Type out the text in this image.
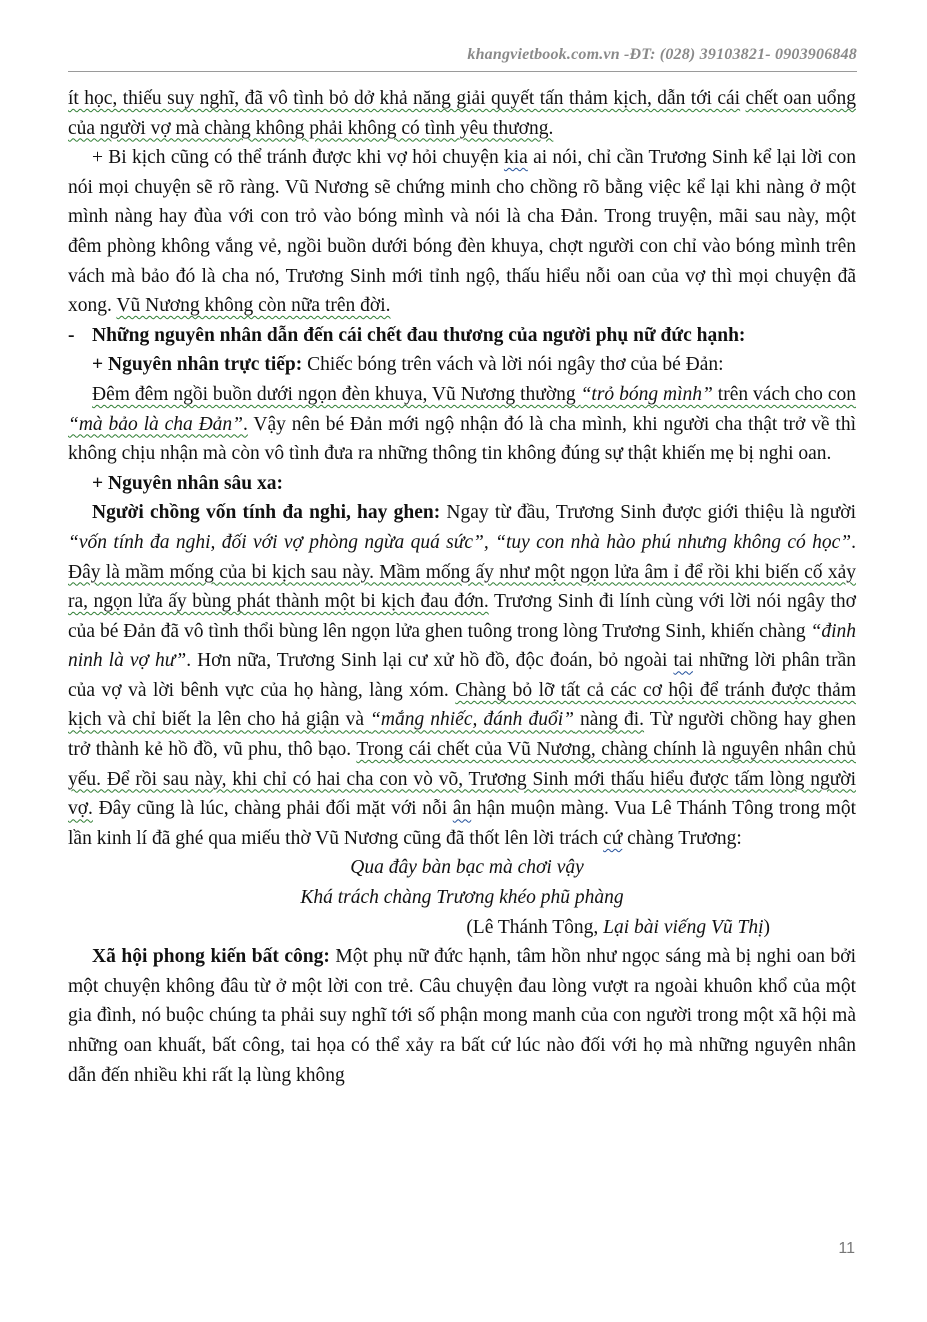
khangvietbook.com.vn -ĐT: (028) 39103821- 0903906848

ít học, thiếu suy nghĩ, đã vô tình bỏ dở khả năng giải quyết tấn thảm kịch, dẫn tới cái chết oan uổng của người vợ mà chàng không phải không có tình yêu thương.

+ Bi kịch cũng có thể tránh được khi vợ hỏi chuyện kia ai nói, chỉ cần Trương Sinh kể lại lời con nói mọi chuyện sẽ rõ ràng. Vũ Nương sẽ chứng minh cho chồng rõ bằng việc kể lại khi nàng ở một mình nàng hay đùa với con trỏ vào bóng mình và nói là cha Đản. Trong truyện, mãi sau này, một đêm phòng không vắng vẻ, ngồi buồn dưới bóng đèn khuya, chợt người con chỉ vào bóng mình trên vách mà bảo đó là cha nó, Trương Sinh mới tỉnh ngộ, thấu hiểu nỗi oan của vợ thì mọi chuyện đã xong. Vũ Nương không còn nữa trên đời.

- Những nguyên nhân dẫn đến cái chết đau thương của người phụ nữ đức hạnh:

+ Nguyên nhân trực tiếp: Chiếc bóng trên vách và lời nói ngây thơ của bé Đản:

Đêm đêm ngồi buồn dưới ngọn đèn khuya, Vũ Nương thường “trỏ bóng mình” trên vách cho con “mà bảo là cha Đản”. Vậy nên bé Đản mới ngộ nhận đó là cha mình, khi người cha thật trở về thì không chịu nhận mà còn vô tình đưa ra những thông tin không đúng sự thật khiến mẹ bị nghi oan.

+ Nguyên nhân sâu xa:

Người chồng vốn tính đa nghi, hay ghen: Ngay từ đầu, Trương Sinh được giới thiệu là người “vốn tính đa nghi, đối với vợ phòng ngừa quá sức”, “tuy con nhà hào phú nhưng không có học”. Đây là mầm mống của bi kịch sau này. Mầm mống ấy như một ngọn lửa âm ỉ để rồi khi biến cố xảy ra, ngọn lửa ấy bùng phát thành một bi kịch đau đớn. Trương Sinh đi lính cùng với lời nói ngây thơ của bé Đản đã vô tình thổi bùng lên ngọn lửa ghen tuông trong lòng Trương Sinh, khiến chàng “đinh ninh là vợ hư”. Hơn nữa, Trương Sinh lại cư xử hồ đồ, độc đoán, bỏ ngoài tai những lời phân trần của vợ và lời bênh vực của họ hàng, làng xóm. Chàng bỏ lỡ tất cả các cơ hội để tránh được thảm kịch và chỉ biết la lên cho hả giận và “mắng nhiếc, đánh đuổi” nàng đi. Từ người chồng hay ghen trở thành kẻ hồ đồ, vũ phu, thô bạo. Trong cái chết của Vũ Nương, chàng chính là nguyên nhân chủ yếu. Để rồi sau này, khi chỉ có hai cha con vò võ, Trương Sinh mới thấu hiểu được tấm lòng người vợ. Đây cũng là lúc, chàng phải đối mặt với nỗi ân hận muộn màng. Vua Lê Thánh Tông trong một lần kinh lí đã ghé qua miếu thờ Vũ Nương cũng đã thốt lên lời trách cứ chàng Trương:

Qua đây bàn bạc mà chơi vậy

Khá trách chàng Trương khéo phũ phàng

(Lê Thánh Tông, Lại bài viếng Vũ Thị)

Xã hội phong kiến bất công: Một phụ nữ đức hạnh, tâm hồn như ngọc sáng mà bị nghi oan bởi một chuyện không đâu từ ở một lời con trẻ. Câu chuyện đau lòng vượt ra ngoài khuôn khổ của một gia đình, nó buộc chúng ta phải suy nghĩ tới số phận mong manh của con người trong một xã hội mà những oan khuất, bất công, tai họa có thể xảy ra bất cứ lúc nào đối với họ mà những nguyên nhân dẫn đến nhiều khi rất lạ lùng không

11
